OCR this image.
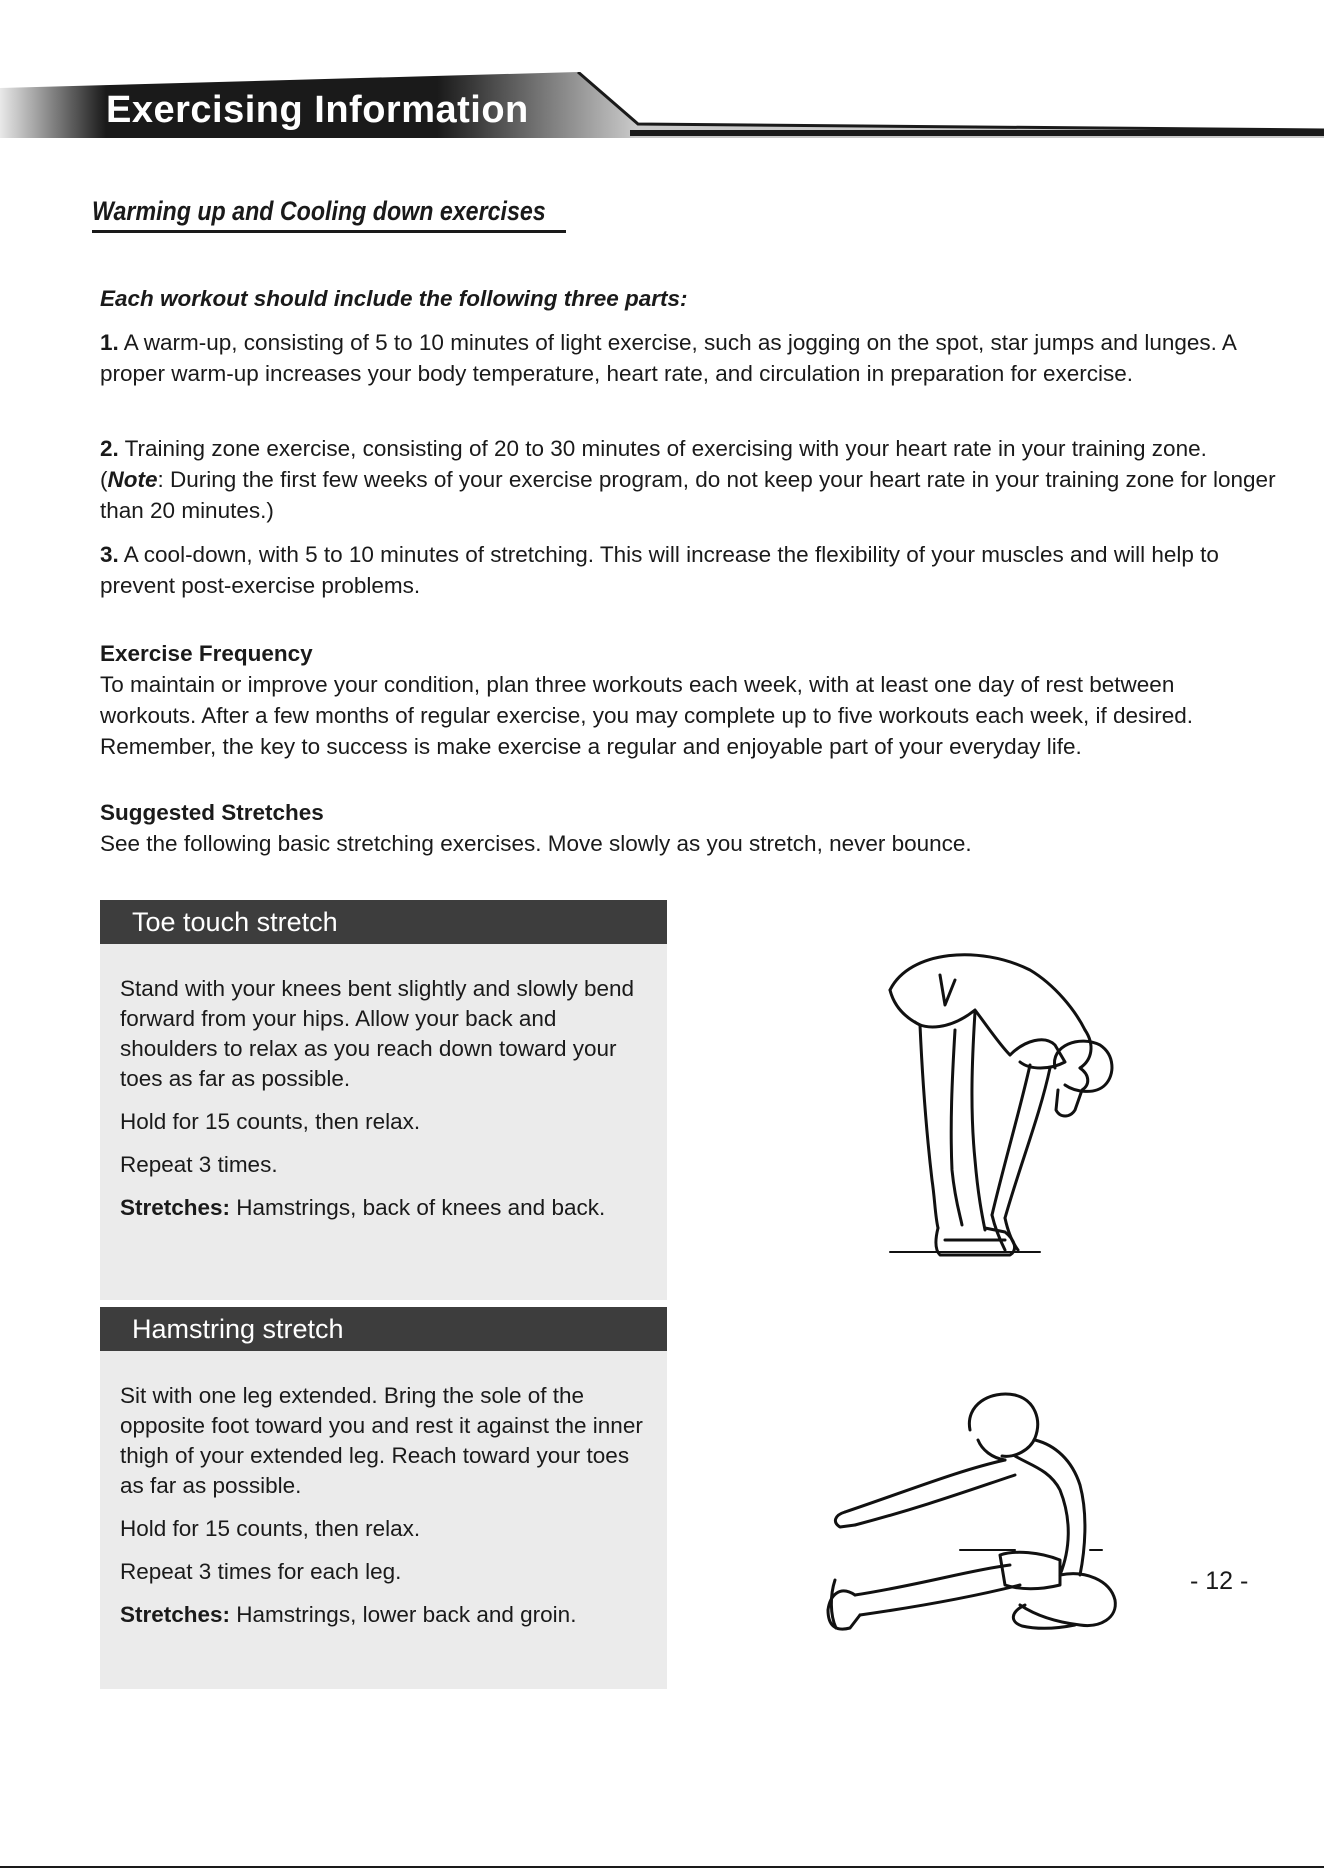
Exercising Information
Warming up and Cooling down exercises

Each workout should include the following three parts:

1. A warm-up, consisting of 5 to 10 minutes of light exercise, such as jogging on the spot, star jumps and lunges. A proper warm-up increases your body temperature, heart rate, and circulation in preparation for exercise.

2. Training zone exercise, consisting of 20 to 30 minutes of exercising with your heart rate in your training zone. (Note: During the first few weeks of your exercise program, do not keep your heart rate in your training zone for longer than 20 minutes.)

3. A cool-down, with 5 to 10 minutes of stretching. This will increase the flexibility of your muscles and will help to prevent post-exercise problems.

Exercise Frequency
To maintain or improve your condition, plan three workouts each week, with at least one day of rest between workouts. After a few months of regular exercise, you may complete up to five workouts each week, if desired. Remember, the key to success is make exercise a regular and enjoyable part of your everyday life.
Suggested Stretches
See the following basic stretching exercises. Move slowly as you stretch, never bounce.
Toe touch stretch

Stand with your knees bent slightly and slowly bend forward from your hips. Allow your back and shoulders to relax as you reach down toward your toes as far as possible.

Hold for 15 counts, then relax.

Repeat 3 times.

Stretches: Hamstrings, back of knees and back.

Hamstring stretch

Sit with one leg extended. Bring the sole of the opposite foot toward you and rest it against the inner thigh of your extended leg. Reach toward your toes as far as possible.

Hold for 15 counts, then relax.

Repeat 3 times for each leg.

Stretches: Hamstrings, lower back and groin.

- 12 -
